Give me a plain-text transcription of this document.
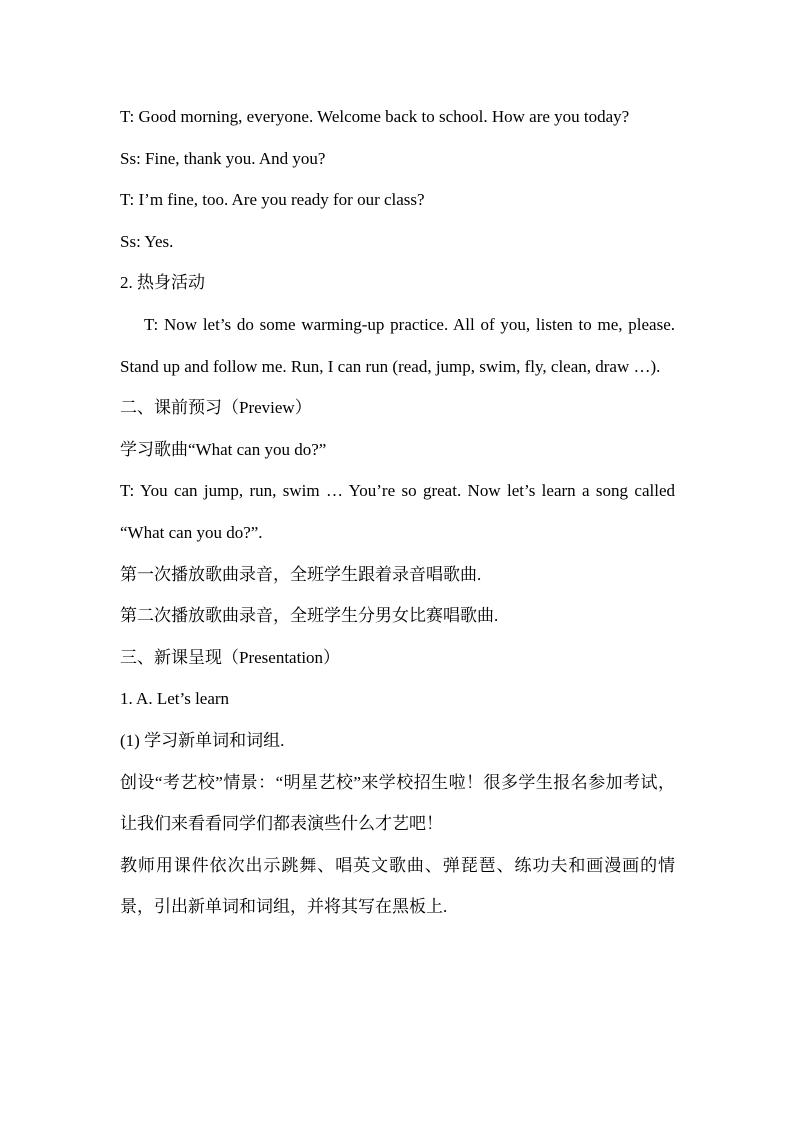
T: Good morning, everyone. Welcome back to school. How are you today?

Ss: Fine, thank you. And you?

T: I’m fine, too. Are you ready for our class?

Ss: Yes.

2. 热身活动

T: Now let’s do some warming-up practice. All of you, listen to me, please. Stand up and follow me. Run, I can run (read, jump, swim, fly, clean, draw …).

二、课前预习（Preview）

学习歌曲“What can you do?”

T: You can jump, run, swim … You’re so great. Now let’s learn a song called “What can you do?”.

第一次播放歌曲录音，全班学生跟着录音唱歌曲.

第二次播放歌曲录音，全班学生分男女比赛唱歌曲.

三、新课呈现（Presentation）

1. A. Let’s learn

(1) 学习新单词和词组.

创设“考艺校”情景：“明星艺校”来学校招生啦！很多学生报名参加考试，让我们来看看同学们都表演些什么才艺吧！

教师用课件依次出示跳舞、唱英文歌曲、弹琵琶、练功夫和画漫画的情景，引出新单词和词组，并将其写在黑板上.
